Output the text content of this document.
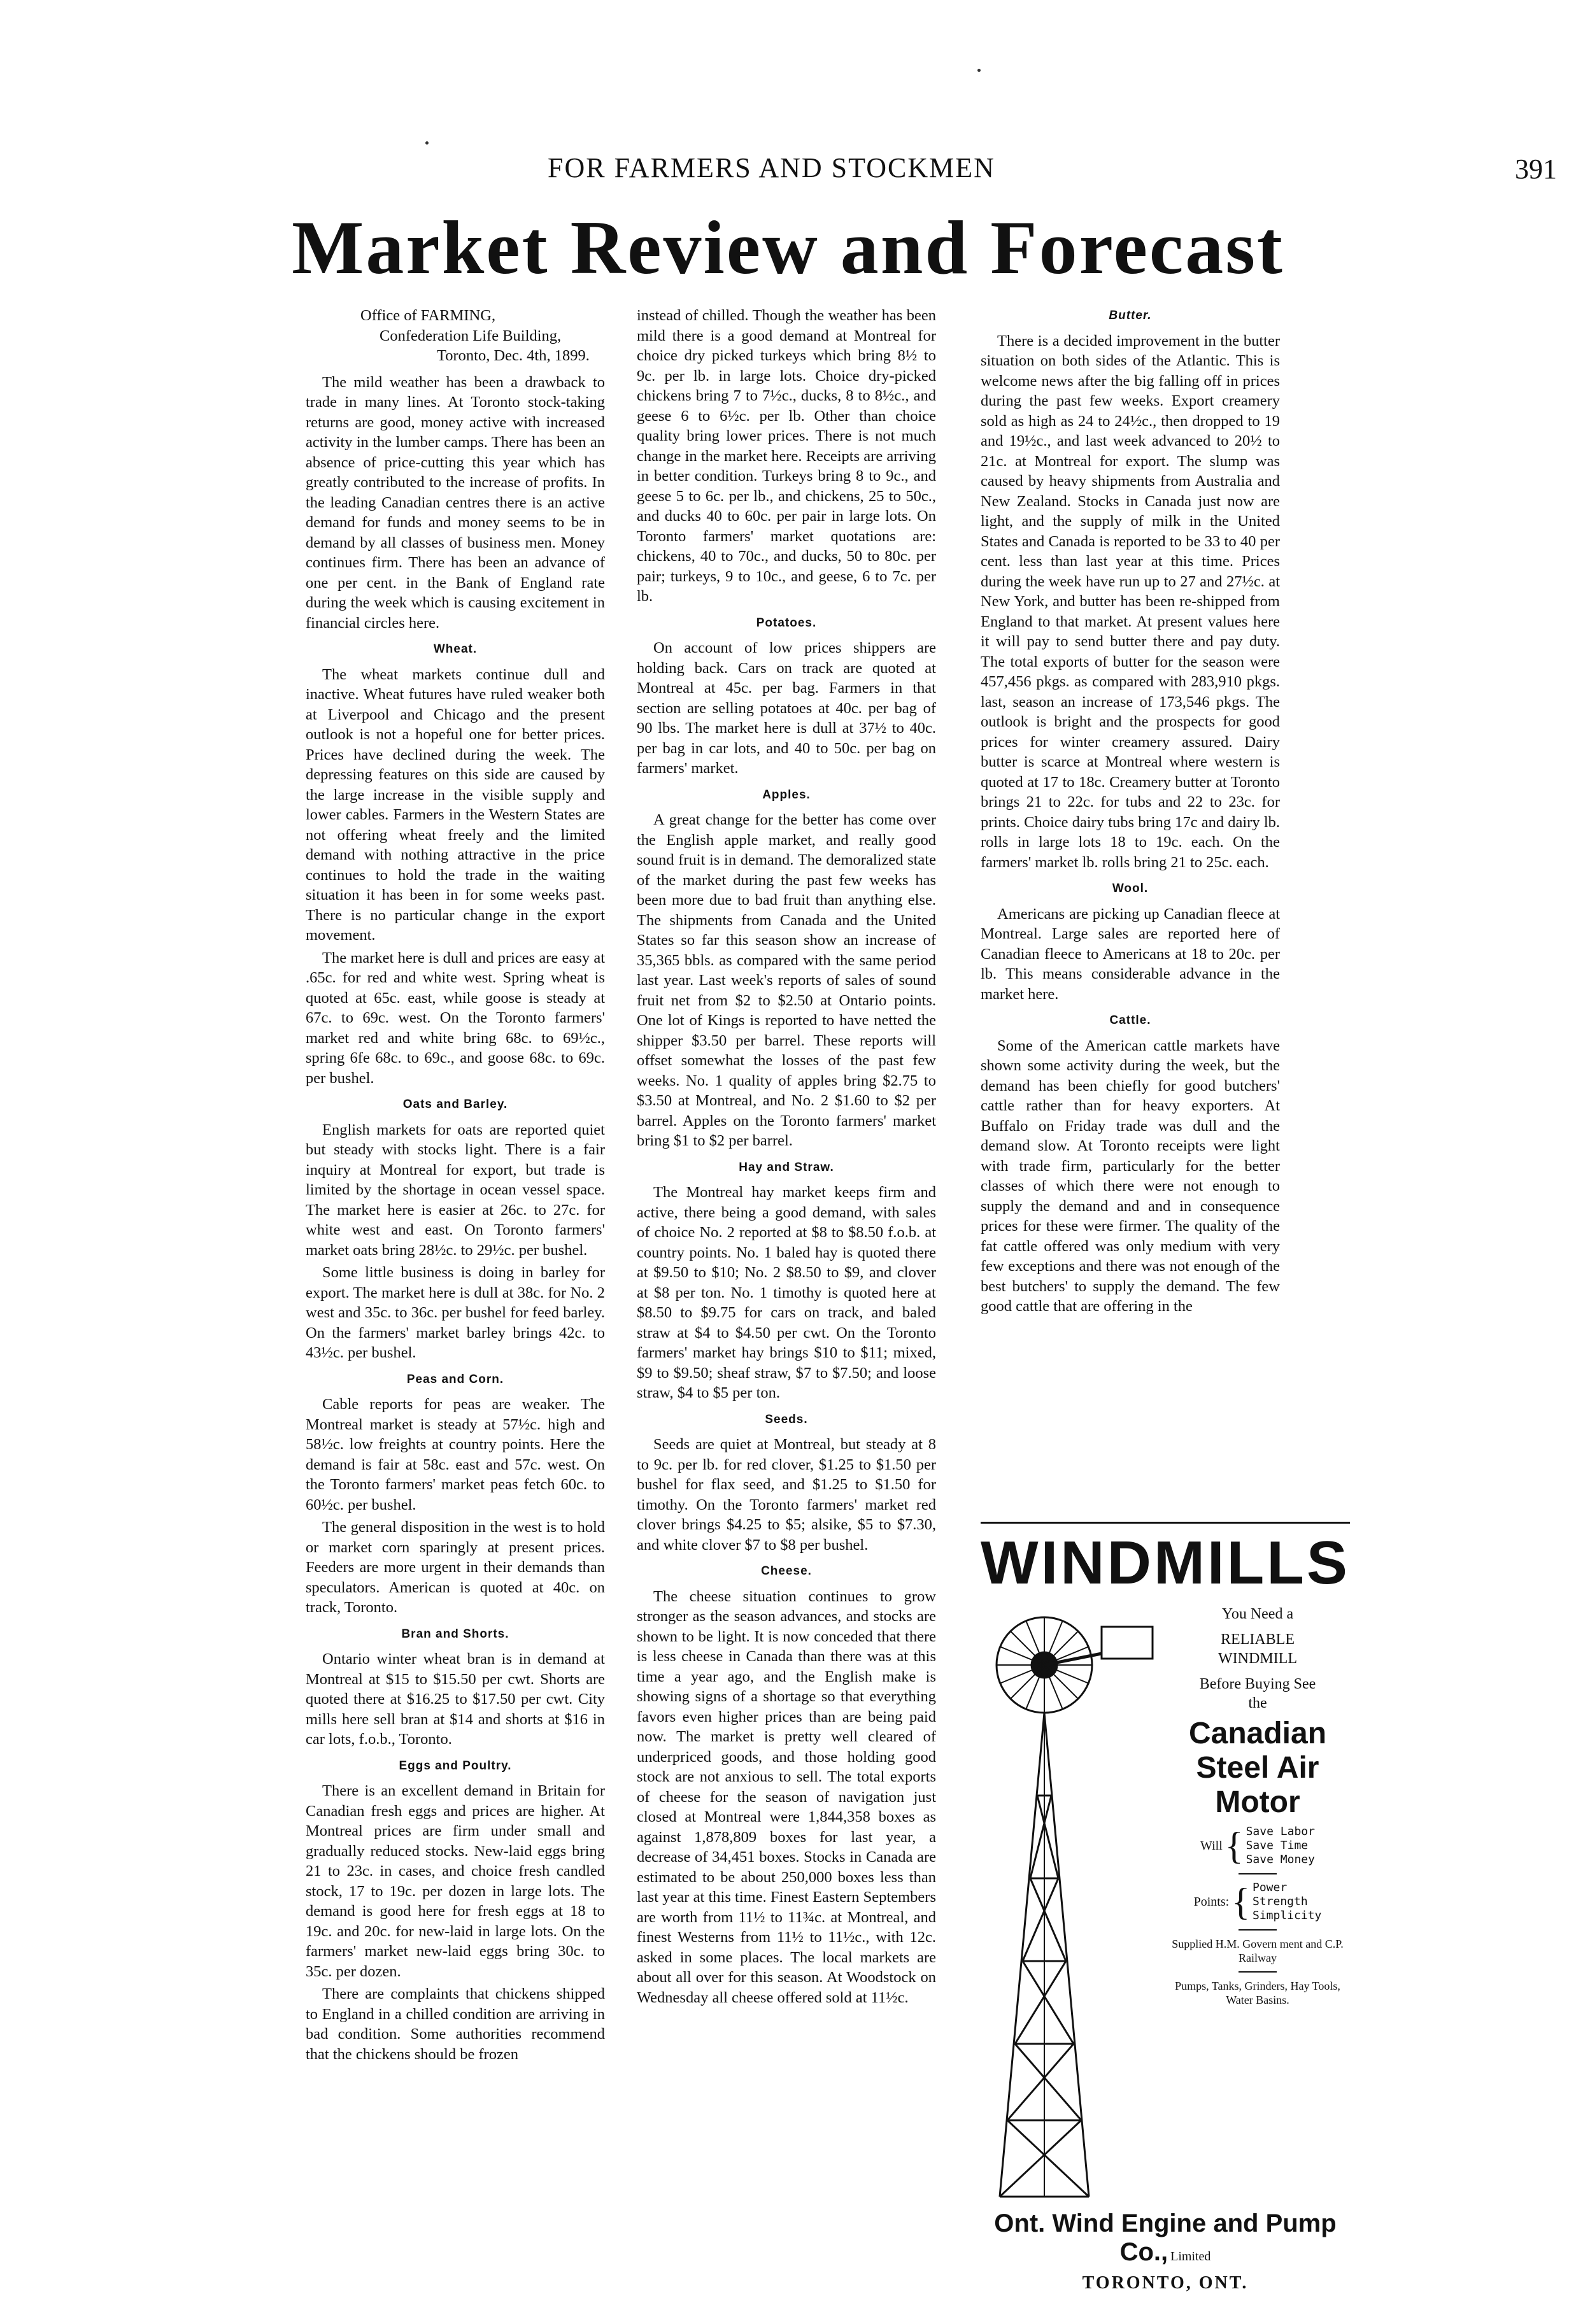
FOR FARMERS AND STOCKMEN	391
Market Review and Forecast

Office of FARMING,

Confederation Life Building,

Toronto, Dec. 4th, 1899.

The mild weather has been a drawback to trade in many lines. At Toronto stock-taking returns are good, money active with increased activity in the lumber camps. There has been an absence of price-cutting this year which has greatly contributed to the increase of profits. In the leading Canadian centres there is an active demand for funds and money seems to be in demand by all classes of business men. Money continues firm. There has been an advance of one per cent. in the Bank of England rate during the week which is causing excitement in financial circles here.

Wheat.

The wheat markets continue dull and inactive. Wheat futures have ruled weaker both at Liverpool and Chicago and the present outlook is not a hopeful one for better prices. Prices have declined during the week. The depressing features on this side are caused by the large increase in the visible supply and lower cables. Farmers in the Western States are not offering wheat freely and the limited demand with nothing attractive in the price continues to hold the trade in the waiting situation it has been in for some weeks past. There is no particular change in the export movement.

The market here is dull and prices are easy at .65c. for red and white west. Spring wheat is quoted at 65c. east, while goose is steady at 67c. to 69c. west. On the Toronto farmers' market red and white bring 68c. to 69½c., spring 6fe 68c. to 69c., and goose 68c. to 69c. per bushel.

Oats and Barley.

English markets for oats are reported quiet but steady with stocks light. There is a fair inquiry at Montreal for export, but trade is limited by the shortage in ocean vessel space. The market here is easier at 26c. to 27c. for white west and east. On Toronto farmers' market oats bring 28½c. to 29½c. per bushel.

Some little business is doing in barley for export. The market here is dull at 38c. for No. 2 west and 35c. to 36c. per bushel for feed barley. On the farmers' market barley brings 42c. to 43½c. per bushel.

Peas and Corn.

Cable reports for peas are weaker. The Montreal market is steady at 57½c. high and 58½c. low freights at country points. Here the demand is fair at 58c. east and 57c. west. On the Toronto farmers' market peas fetch 60c. to 60½c. per bushel.

The general disposition in the west is to hold or market corn sparingly at present prices. Feeders are more urgent in their demands than speculators. American is quoted at 40c. on track, Toronto.

Bran and Shorts.

Ontario winter wheat bran is in demand at Montreal at $15 to $15.50 per cwt. Shorts are quoted there at $16.25 to $17.50 per cwt. City mills here sell bran at $14 and shorts at $16 in car lots, f.o.b., Toronto.

Eggs and Poultry.

There is an excellent demand in Britain for Canadian fresh eggs and prices are higher. At Montreal prices are firm under small and gradually reduced stocks. New-laid eggs bring 21 to 23c. in cases, and choice fresh candled stock, 17 to 19c. per dozen in large lots. The demand is good here for fresh eggs at 18 to 19c. and 20c. for new-laid in large lots. On the farmers' market new-laid eggs bring 30c. to 35c. per dozen.

There are complaints that chickens shipped to England in a chilled condition are arriving in bad condition. Some authorities recommend that the chickens should be frozen

instead of chilled. Though the weather has been mild there is a good demand at Montreal for choice dry picked turkeys which bring 8½ to 9c. per lb. in large lots. Choice dry-picked chickens bring 7 to 7½c., ducks, 8 to 8½c., and geese 6 to 6½c. per lb. Other than choice quality bring lower prices. There is not much change in the market here. Receipts are arriving in better condition. Turkeys bring 8 to 9c., and geese 5 to 6c. per lb., and chickens, 25 to 50c., and ducks 40 to 60c. per pair in large lots. On Toronto farmers' market quotations are: chickens, 40 to 70c., and ducks, 50 to 80c. per pair; turkeys, 9 to 10c., and geese, 6 to 7c. per lb.

Potatoes.

On account of low prices shippers are holding back. Cars on track are quoted at Montreal at 45c. per bag. Farmers in that section are selling potatoes at 40c. per bag of 90 lbs. The market here is dull at 37½ to 40c. per bag in car lots, and 40 to 50c. per bag on farmers' market.

Apples.

A great change for the better has come over the English apple market, and really good sound fruit is in demand. The demoralized state of the market during the past few weeks has been more due to bad fruit than anything else. The shipments from Canada and the United States so far this season show an increase of 35,365 bbls. as compared with the same period last year. Last week's reports of sales of sound fruit net from $2 to $2.50 at Ontario points. One lot of Kings is reported to have netted the shipper $3.50 per barrel. These reports will offset somewhat the losses of the past few weeks. No. 1 quality of apples bring $2.75 to $3.50 at Montreal, and No. 2 $1.60 to $2 per barrel. Apples on the Toronto farmers' market bring $1 to $2 per barrel.

Hay and Straw.

The Montreal hay market keeps firm and active, there being a good demand, with sales of choice No. 2 reported at $8 to $8.50 f.o.b. at country points. No. 1 baled hay is quoted there at $9.50 to $10; No. 2 $8.50 to $9, and clover at $8 per ton. No. 1 timothy is quoted here at $8.50 to $9.75 for cars on track, and baled straw at $4 to $4.50 per cwt. On the Toronto farmers' market hay brings $10 to $11; mixed, $9 to $9.50; sheaf straw, $7 to $7.50; and loose straw, $4 to $5 per ton.

Seeds.

Seeds are quiet at Montreal, but steady at 8 to 9c. per lb. for red clover, $1.25 to $1.50 per bushel for flax seed, and $1.25 to $1.50 for timothy. On the Toronto farmers' market red clover brings $4.25 to $5; alsike, $5 to $7.30, and white clover $7 to $8 per bushel.

Cheese.

The cheese situation continues to grow stronger as the season advances, and stocks are shown to be light. It is now conceded that there is less cheese in Canada than there was at this time a year ago, and the English make is showing signs of a shortage so that everything favors even higher prices than are being paid now. The market is pretty well cleared of underpriced goods, and those holding good stock are not anxious to sell. The total exports of cheese for the season of navigation just closed at Montreal were 1,844,358 boxes as against 1,878,809 boxes for last year, a decrease of 34,451 boxes. Stocks in Canada are estimated to be about 250,000 boxes less than last year at this time. Finest Eastern Septembers are worth from 11½ to 11¾c. at Montreal, and finest Westerns from 11½ to 11½c., with 12c. asked in some places. The local markets are about all over for this season. At Woodstock on Wednesday all cheese offered sold at 11½c.

Butter.

There is a decided improvement in the butter situation on both sides of the Atlantic. This is welcome news after the big falling off in prices during the past few weeks. Export creamery sold as high as 24 to 24½c., then dropped to 19 and 19½c., and last week advanced to 20½ to 21c. at Montreal for export. The slump was caused by heavy shipments from Australia and New Zealand. Stocks in Canada just now are light, and the supply of milk in the United States and Canada is reported to be 33 to 40 per cent. less than last year at this time. Prices during the week have run up to 27 and 27½c. at New York, and butter has been re-shipped from England to that market. At present values here it will pay to send butter there and pay duty. The total exports of butter for the season were 457,456 pkgs. as compared with 283,910 pkgs. last, season an increase of 173,546 pkgs. The outlook is bright and the prospects for good prices for winter creamery assured. Dairy butter is scarce at Montreal where western is quoted at 17 to 18c. Creamery butter at Toronto brings 21 to 22c. for tubs and 22 to 23c. for prints. Choice dairy tubs bring 17c and dairy lb. rolls in large lots 18 to 19c. each. On the farmers' market lb. rolls bring 21 to 25c. each.

Wool.

Americans are picking up Canadian fleece at Montreal. Large sales are reported here of Canadian fleece to Americans at 18 to 20c. per lb. This means considerable advance in the market here.

Cattle.

Some of the American cattle markets have shown some activity during the week, but the demand has been chiefly for good butchers' cattle rather than for heavy exporters. At Buffalo on Friday trade was dull and the demand slow. At Toronto receipts were light with trade firm, particularly for the better classes of which there were not enough to supply the demand and and in consequence prices for these were firmer. The quality of the fat cattle offered was only medium with very few exceptions and there was not enough of the best butchers' to supply the demand. The few good cattle that are offering in the

WINDMILLS

You Need a
RELIABLE
WINDMILL
Before Buying See
the
Canadian Steel Air Motor
Will { Save Labor
Save Time
Save Money
Points: { Power
Strength
Simplicity
Supplied H.M. Govern ment and C.P. Railway
Pumps, Tanks, Grinders, Hay Tools, Water Basins.
Ont. Wind Engine and Pump Co., Limited
TORONTO, ONT.
